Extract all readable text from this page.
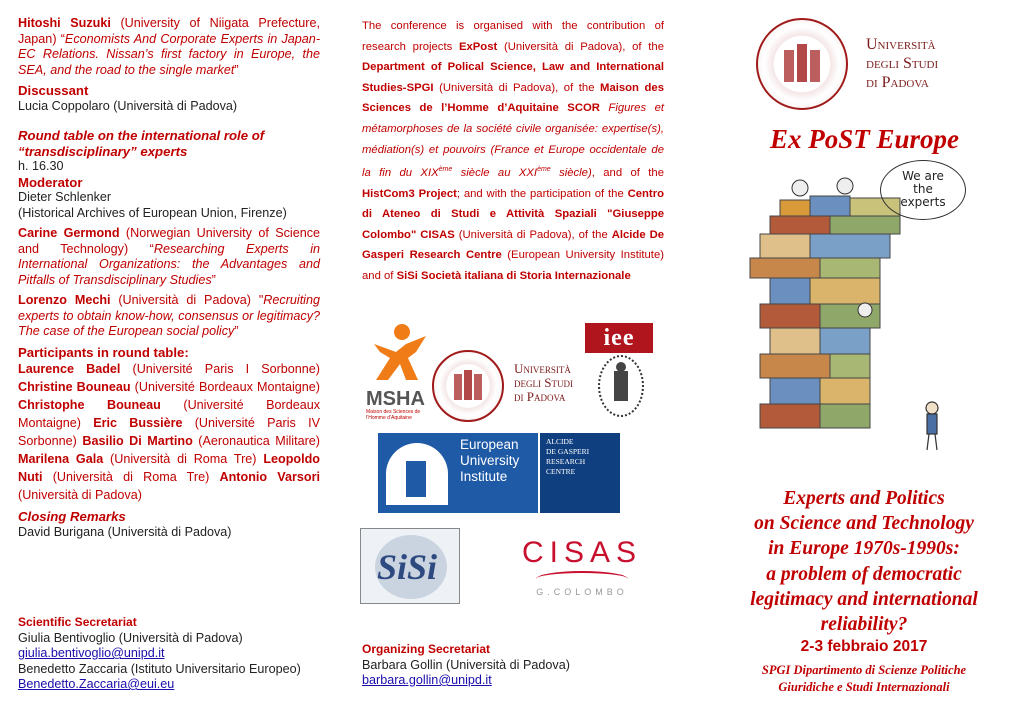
Hitoshi Suzuki (University of Niigata Prefecture, Japan) “Economists And Corporate Experts in Japan-EC Relations. Nissan’s first factory in Europe, the SEA, and the road to the single market”

Discussant

Lucia Coppolaro (Università di Padova)

Round table on the international role of “transdisciplinary” experts

h. 16.30

Moderator

Dieter Schlenker

(Historical Archives of European Union, Firenze)

Carine Germond (Norwegian University of Science and Technology) “Researching Experts in International Organizations: the Advantages and Pitfalls of Transdisciplinary Studies”

Lorenzo Mechi (Università di Padova) "Recruiting experts to obtain know-how, consensus or legitimacy? The case of the European social policy”

Participants in round table:

Laurence Badel (Université Paris I Sorbonne) Christine Bouneau (Université Bordeaux Montaigne) Christophe Bouneau (Université Bordeaux Montaigne) Eric Bussière (Université Paris IV Sorbonne) Basilio Di Martino (Aeronautica Militare) Marilena Gala (Università di Roma Tre) Leopoldo Nuti (Università di Roma Tre) Antonio Varsori (Università di Padova)

Closing Remarks

David Burigana (Università di Padova)

Scientific Secretariat

Giulia Bentivoglio (Università di Padova)

giulia.bentivoglio@unipd.it

Benedetto Zaccaria (Istituto Universitario Europeo)

Benedetto.Zaccaria@eui.eu

The conference is organised with the contribution of research projects ExPost (Università di Padova), of the Department of Polical Science, Law and International Studies-SPGI (Università di Padova), of the Maison des Sciences de l’Homme d’Aquitaine SCOR Figures et métamorphoses de la société civile organisée: expertise(s), médiation(s) et pouvoirs (France et Europe occidentale de la fin du XIXème siècle au XXIème siècle), and of the HistCom3 Project; and with the participation of the Centro di Ateneo di Studi e Attività Spaziali "Giuseppe Colombo" CISAS (Università di Padova), of the Alcide De Gasperi Research Centre (European University Institute) and of SiSi Società italiana di Storia Internazionale

MSHA
Maison des Sciences de l’Homme d’Aquitaine
Università
degli Studi
di Padova
iee
European
University
Institute
ALCIDE
DE GASPERI
RESEARCH
CENTRE
SiSi	CISAS
G.COLOMBO

Organizing Secretariat

Barbara Gollin (Università di Padova)

barbara.gollin@unipd.it

Università
degli Studi
di Padova
Ex PoST Europe
We are
the
experts
Experts and Politics
on Science and Technology
in Europe 1970s-1990s:
a problem of democratic
legitimacy and international
reliability?
2-3 febbraio 2017
SPGI Dipartimento di Scienze Politiche
Giuridiche e Studi Internazionali
